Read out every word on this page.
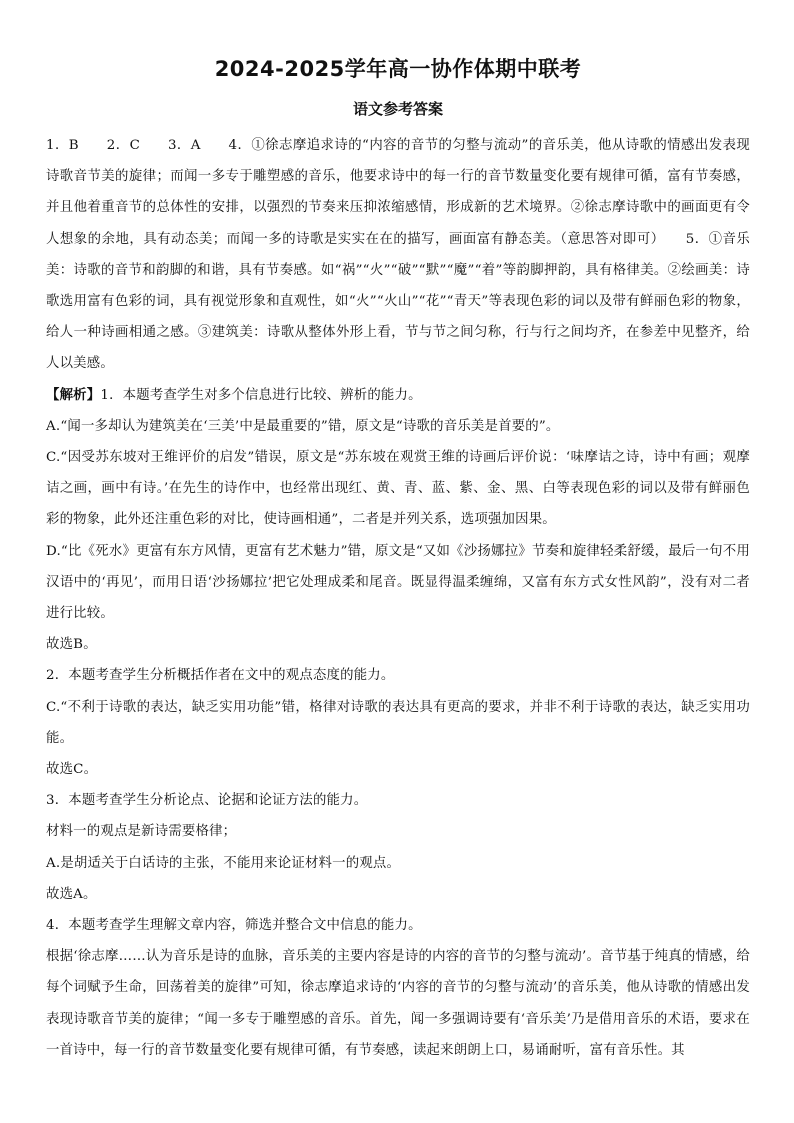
2024-2025学年高一协作体期中联考
语文参考答案

1．B　　2．C　　3．A　　4．①徐志摩追求诗的“内容的音节的匀整与流动”的音乐美，他从诗歌的情感出发表现诗歌音节美的旋律；而闻一多专于雕塑感的音乐，他要求诗中的每一行的音节数量变化要有规律可循，富有节奏感，并且他着重音节的总体性的安排，以强烈的节奏来压抑浓缩感情，形成新的艺术境界。②徐志摩诗歌中的画面更有令人想象的余地，具有动态美；而闻一多的诗歌是实实在在的描写，画面富有静态美。（意思答对即可）　　5．①音乐美：诗歌的音节和韵脚的和谐，具有节奏感。如“祸”“火”“破”“默”“魔”“着”等韵脚押韵，具有格律美。②绘画美：诗歌选用富有色彩的词，具有视觉形象和直观性，如“火”“火山”“花”“青天”等表现色彩的词以及带有鲜丽色彩的物象，给人一种诗画相通之感。③建筑美：诗歌从整体外形上看，节与节之间匀称，行与行之间均齐，在参差中见整齐，给人以美感。

【解析】1．本题考查学生对多个信息进行比较、辨析的能力。

A.“闻一多却认为建筑美在‘三美’中是最重要的”错，原文是“诗歌的音乐美是首要的”。

C.“因受苏东坡对王维评价的启发”错误，原文是“苏东坡在观赏王维的诗画后评价说：‘味摩诘之诗，诗中有画；观摩诘之画，画中有诗。’在先生的诗作中，也经常出现红、黄、青、蓝、紫、金、黑、白等表现色彩的词以及带有鲜丽色彩的物象，此外还注重色彩的对比，使诗画相通”，二者是并列关系，选项强加因果。

D.“比《死水》更富有东方风情，更富有艺术魅力”错，原文是“又如《沙扬娜拉》节奏和旋律轻柔舒缓，最后一句不用汉语中的‘再见’，而用日语‘沙扬娜拉’把它处理成柔和尾音。既显得温柔缠绵，又富有东方式女性风韵”，没有对二者进行比较。

故选B。

2．本题考查学生分析概括作者在文中的观点态度的能力。

C.“不利于诗歌的表达，缺乏实用功能”错，格律对诗歌的表达具有更高的要求，并非不利于诗歌的表达，缺乏实用功能。

故选C。

3．本题考查学生分析论点、论据和论证方法的能力。

材料一的观点是新诗需要格律；

A.是胡适关于白话诗的主张，不能用来论证材料一的观点。

故选A。

4．本题考查学生理解文章内容，筛选并整合文中信息的能力。

根据‘徐志摩……认为音乐是诗的血脉，音乐美的主要内容是诗的内容的音节的匀整与流动’。音节基于纯真的情感，给每个词赋予生命，回荡着美的旋律”可知，徐志摩追求诗的‘内容的音节的匀整与流动’的音乐美，他从诗歌的情感出发表现诗歌音节美的旋律；“闻一多专于雕塑感的音乐。首先，闻一多强调诗要有‘音乐美’乃是借用音乐的术语，要求在一首诗中，每一行的音节数量变化要有规律可循，有节奏感，读起来朗朗上口，易诵耐听，富有音乐性。其
